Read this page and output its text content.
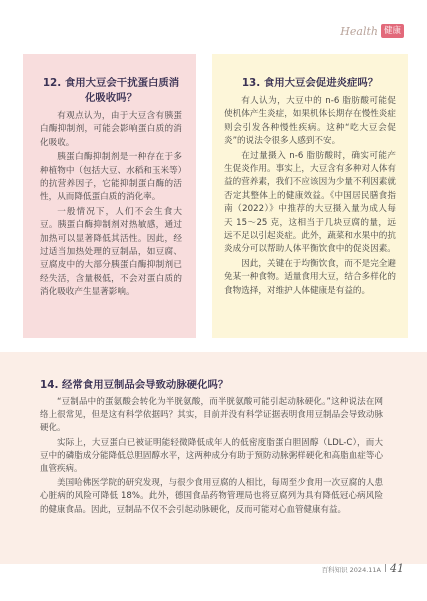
Health 健康

12. 食用大豆会干扰蛋白质消化吸收吗？

有观点认为，由于大豆含有胰蛋白酶抑制剂，可能会影响蛋白质的消化吸收。

胰蛋白酶抑制剂是一种存在于多种植物中（包括大豆、水稻和玉米等）的抗营养因子，它能抑制蛋白酶的活性，从而降低蛋白质的消化率。

一般情况下，人们不会生食大豆。胰蛋白酶抑制剂对热敏感，通过加热可以显著降低其活性。因此，经过适当加热处理的豆制品，如豆腐、豆腐皮中的大部分胰蛋白酶抑制剂已经失活，含量极低，不会对蛋白质的消化吸收产生显著影响。

13. 食用大豆会促进炎症吗？

有人认为，大豆中的 n-6 脂肪酸可能促使机体产生炎症，如果机体长期存在慢性炎症则会引发各种慢性疾病。这种“吃大豆会促炎”的说法令很多人感到不安。

在过量摄入 n-6 脂肪酸时，确实可能产生促炎作用。事实上，大豆含有多种对人体有益的营养素，我们不应该因为少量不利因素就否定其整体上的健康效益。《中国居民膳食指南（2022）》中推荐的大豆摄入量为成人每天 15～25 克，这相当于几块豆腐的量，远远不足以引起炎症。此外，蔬菜和水果中的抗炎成分可以帮助人体平衡饮食中的促炎因素。

因此，关键在于均衡饮食，而不是完全避免某一种食物。适量食用大豆，结合多样化的食物选择，对维护人体健康是有益的。

14. 经常食用豆制品会导致动脉硬化吗？

“豆制品中的蛋氨酸会转化为半胱氨酸，而半胱氨酸可能引起动脉硬化。”这种说法在网络上很常见，但是这有科学依据吗？其实，目前并没有科学证据表明食用豆制品会导致动脉硬化。

实际上，大豆蛋白已被证明能轻微降低成年人的低密度脂蛋白胆固醇（LDL-C），而大豆中的磷脂成分能降低总胆固醇水平，这两种成分有助于预防动脉粥样硬化和高脂血症等心血管疾病。

美国哈佛医学院的研究发现，与很少食用豆腐的人相比，每周至少食用一次豆腐的人患心脏病的风险可降低 18%。此外，德国食品药物管理局也将豆腐列为具有降低冠心病风险的健康食品。因此，豆制品不仅不会引起动脉硬化，反而可能对心血管健康有益。

百科知识 2024.11A 41
